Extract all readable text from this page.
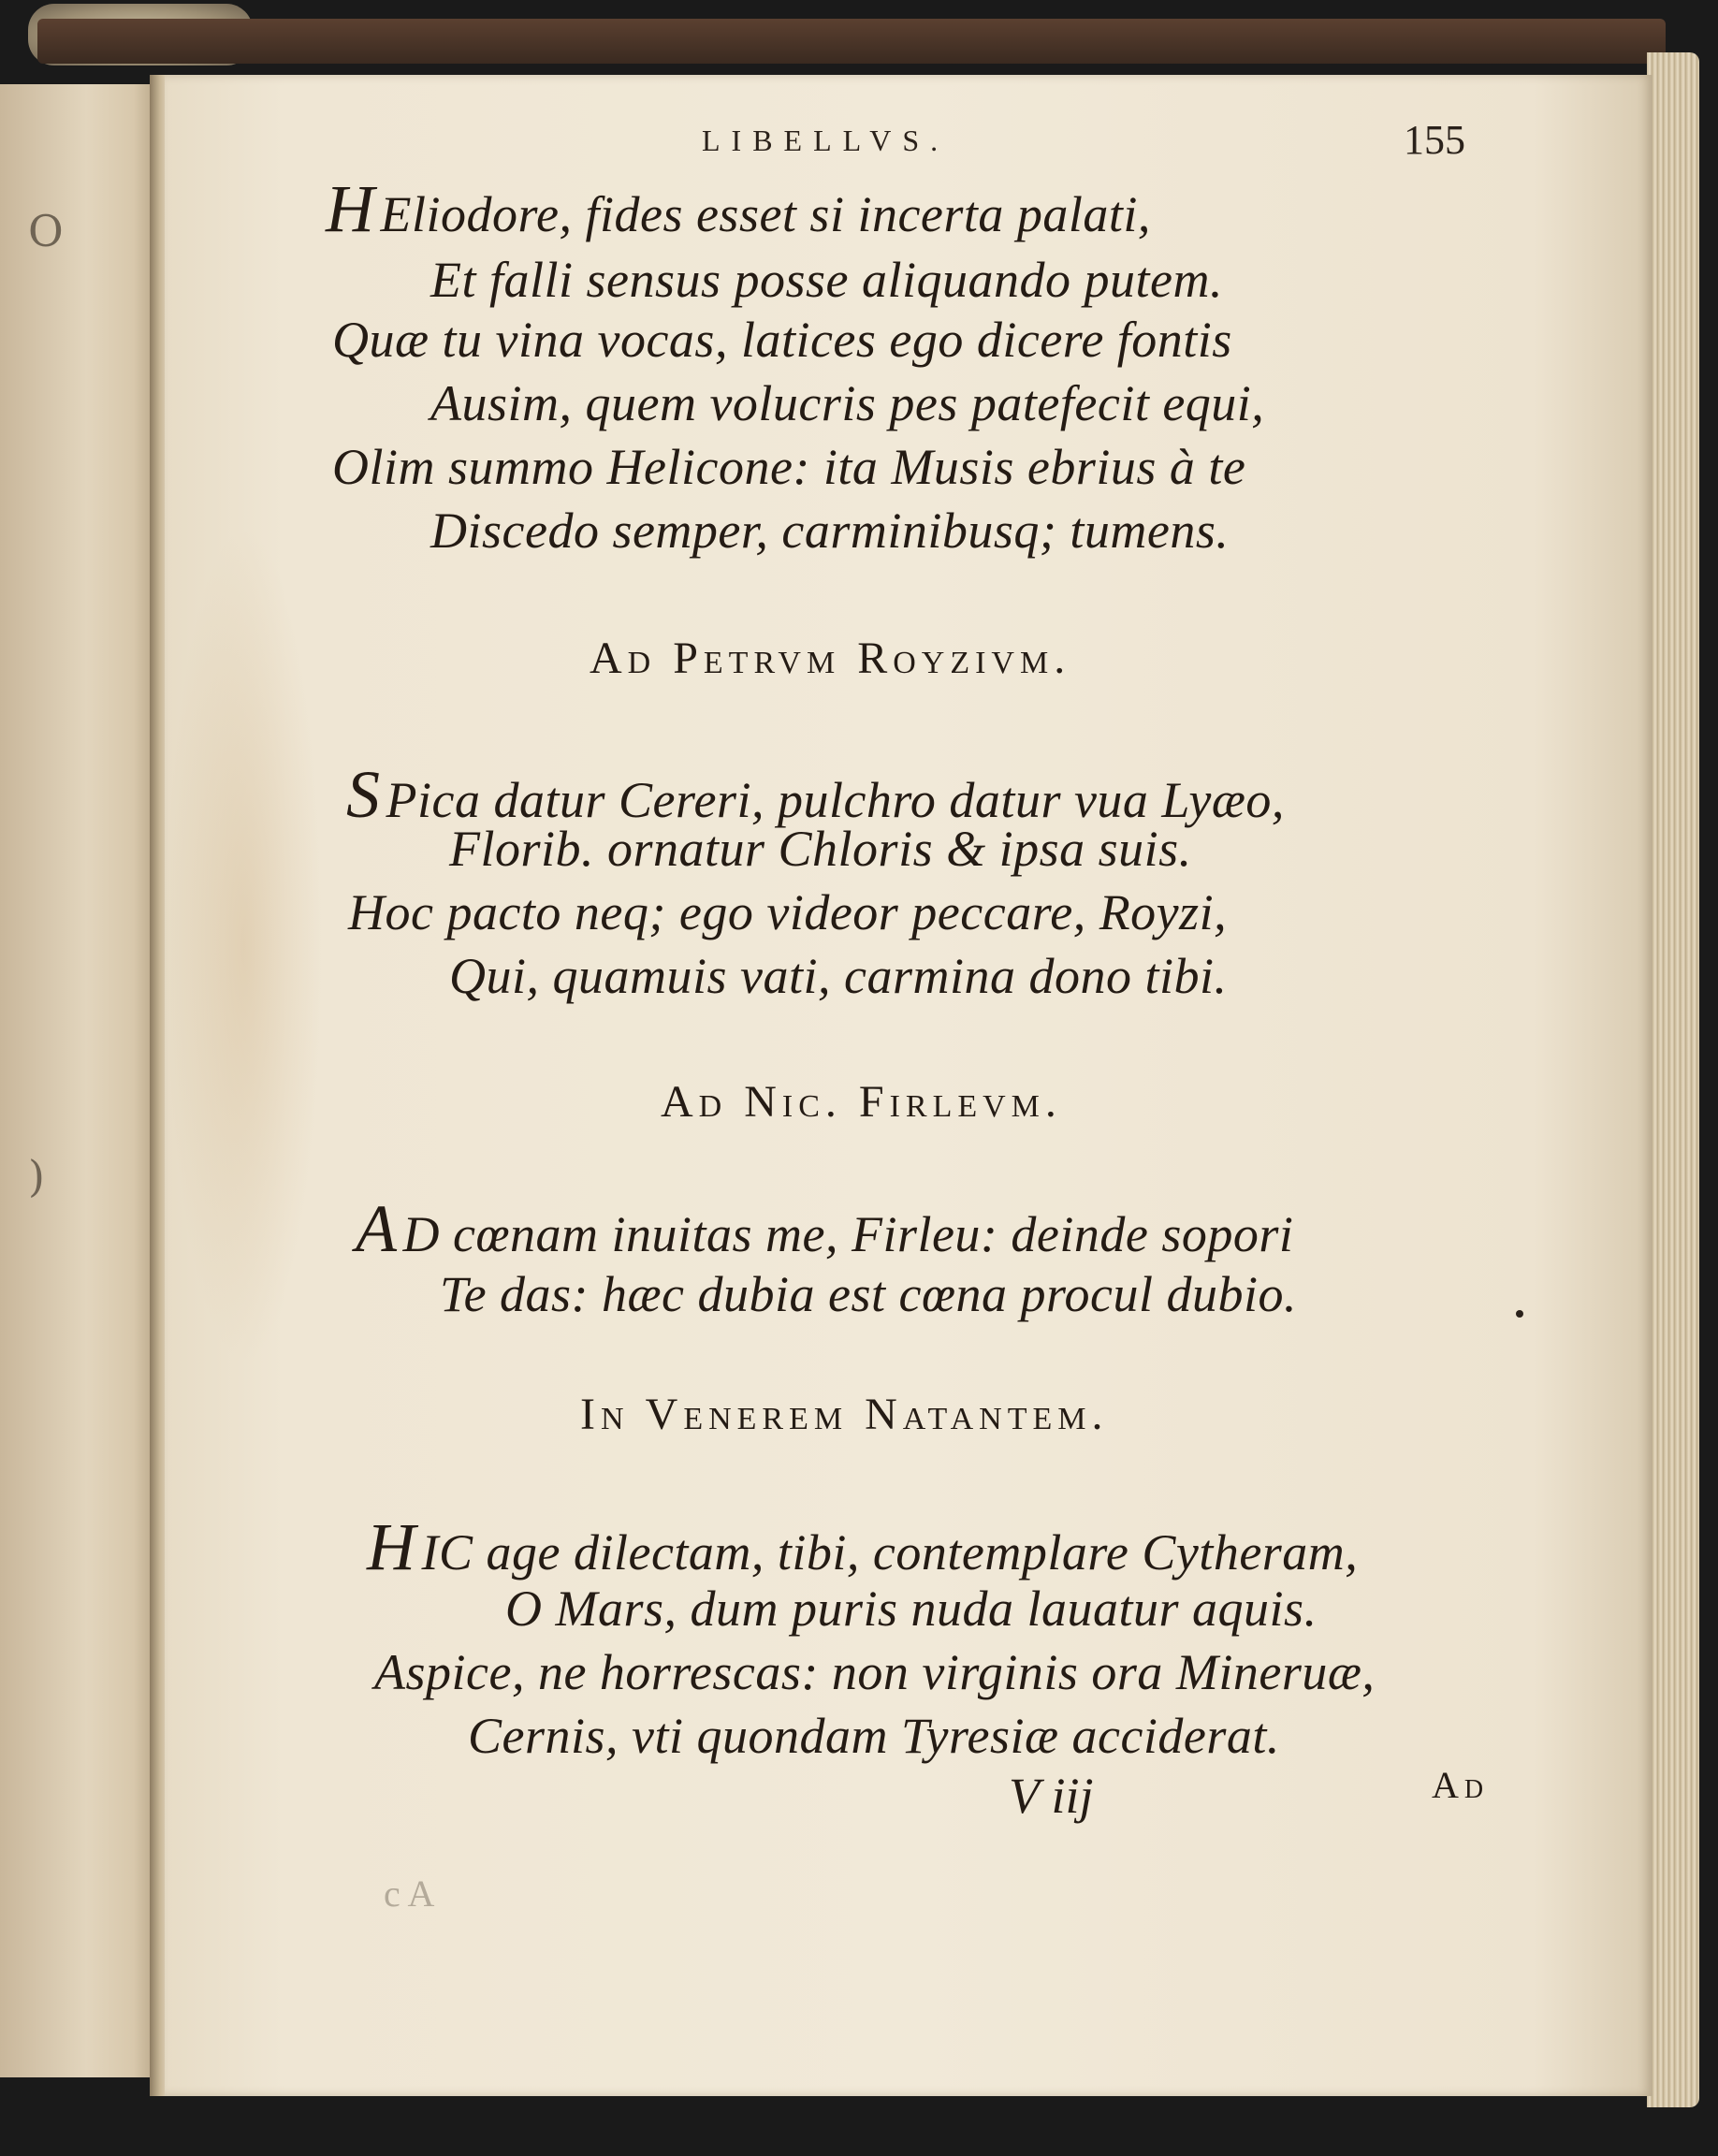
O
)
LIBELLVS.	155
H Eliodore, fides esset si incerta palati,
Et falli sensus posse aliquando putem.
Quæ tu vina vocas, latices ego dicere fontis
Ausim, quem volucris pes patefecit equi,
Olim summo Helicone: ita Musis ebrius à te
Discedo semper, carminibusq; tumens.
Ad Petrvm Royzivm.
S Pica datur Cereri, pulchro datur vua Lyæo,
Florib. ornatur Chloris & ipsa suis.
Hoc pacto neq; ego videor peccare, Royzi,
Qui, quamuis vati, carmina dono tibi.
Ad Nic. Firlevm.
A D cœnam inuitas me, Firleu: deinde sopori
Te das: hæc dubia est cœna procul dubio.
In Venerem Natantem.
H IC age dilectam, tibi, contemplare Cytheram,
O Mars, dum puris nuda lauatur aquis.
Aspice, ne horrescas: non virginis ora Mineruæ,
Cernis, vti quondam Tyresiæ acciderat.
V iij	Ad
c A
